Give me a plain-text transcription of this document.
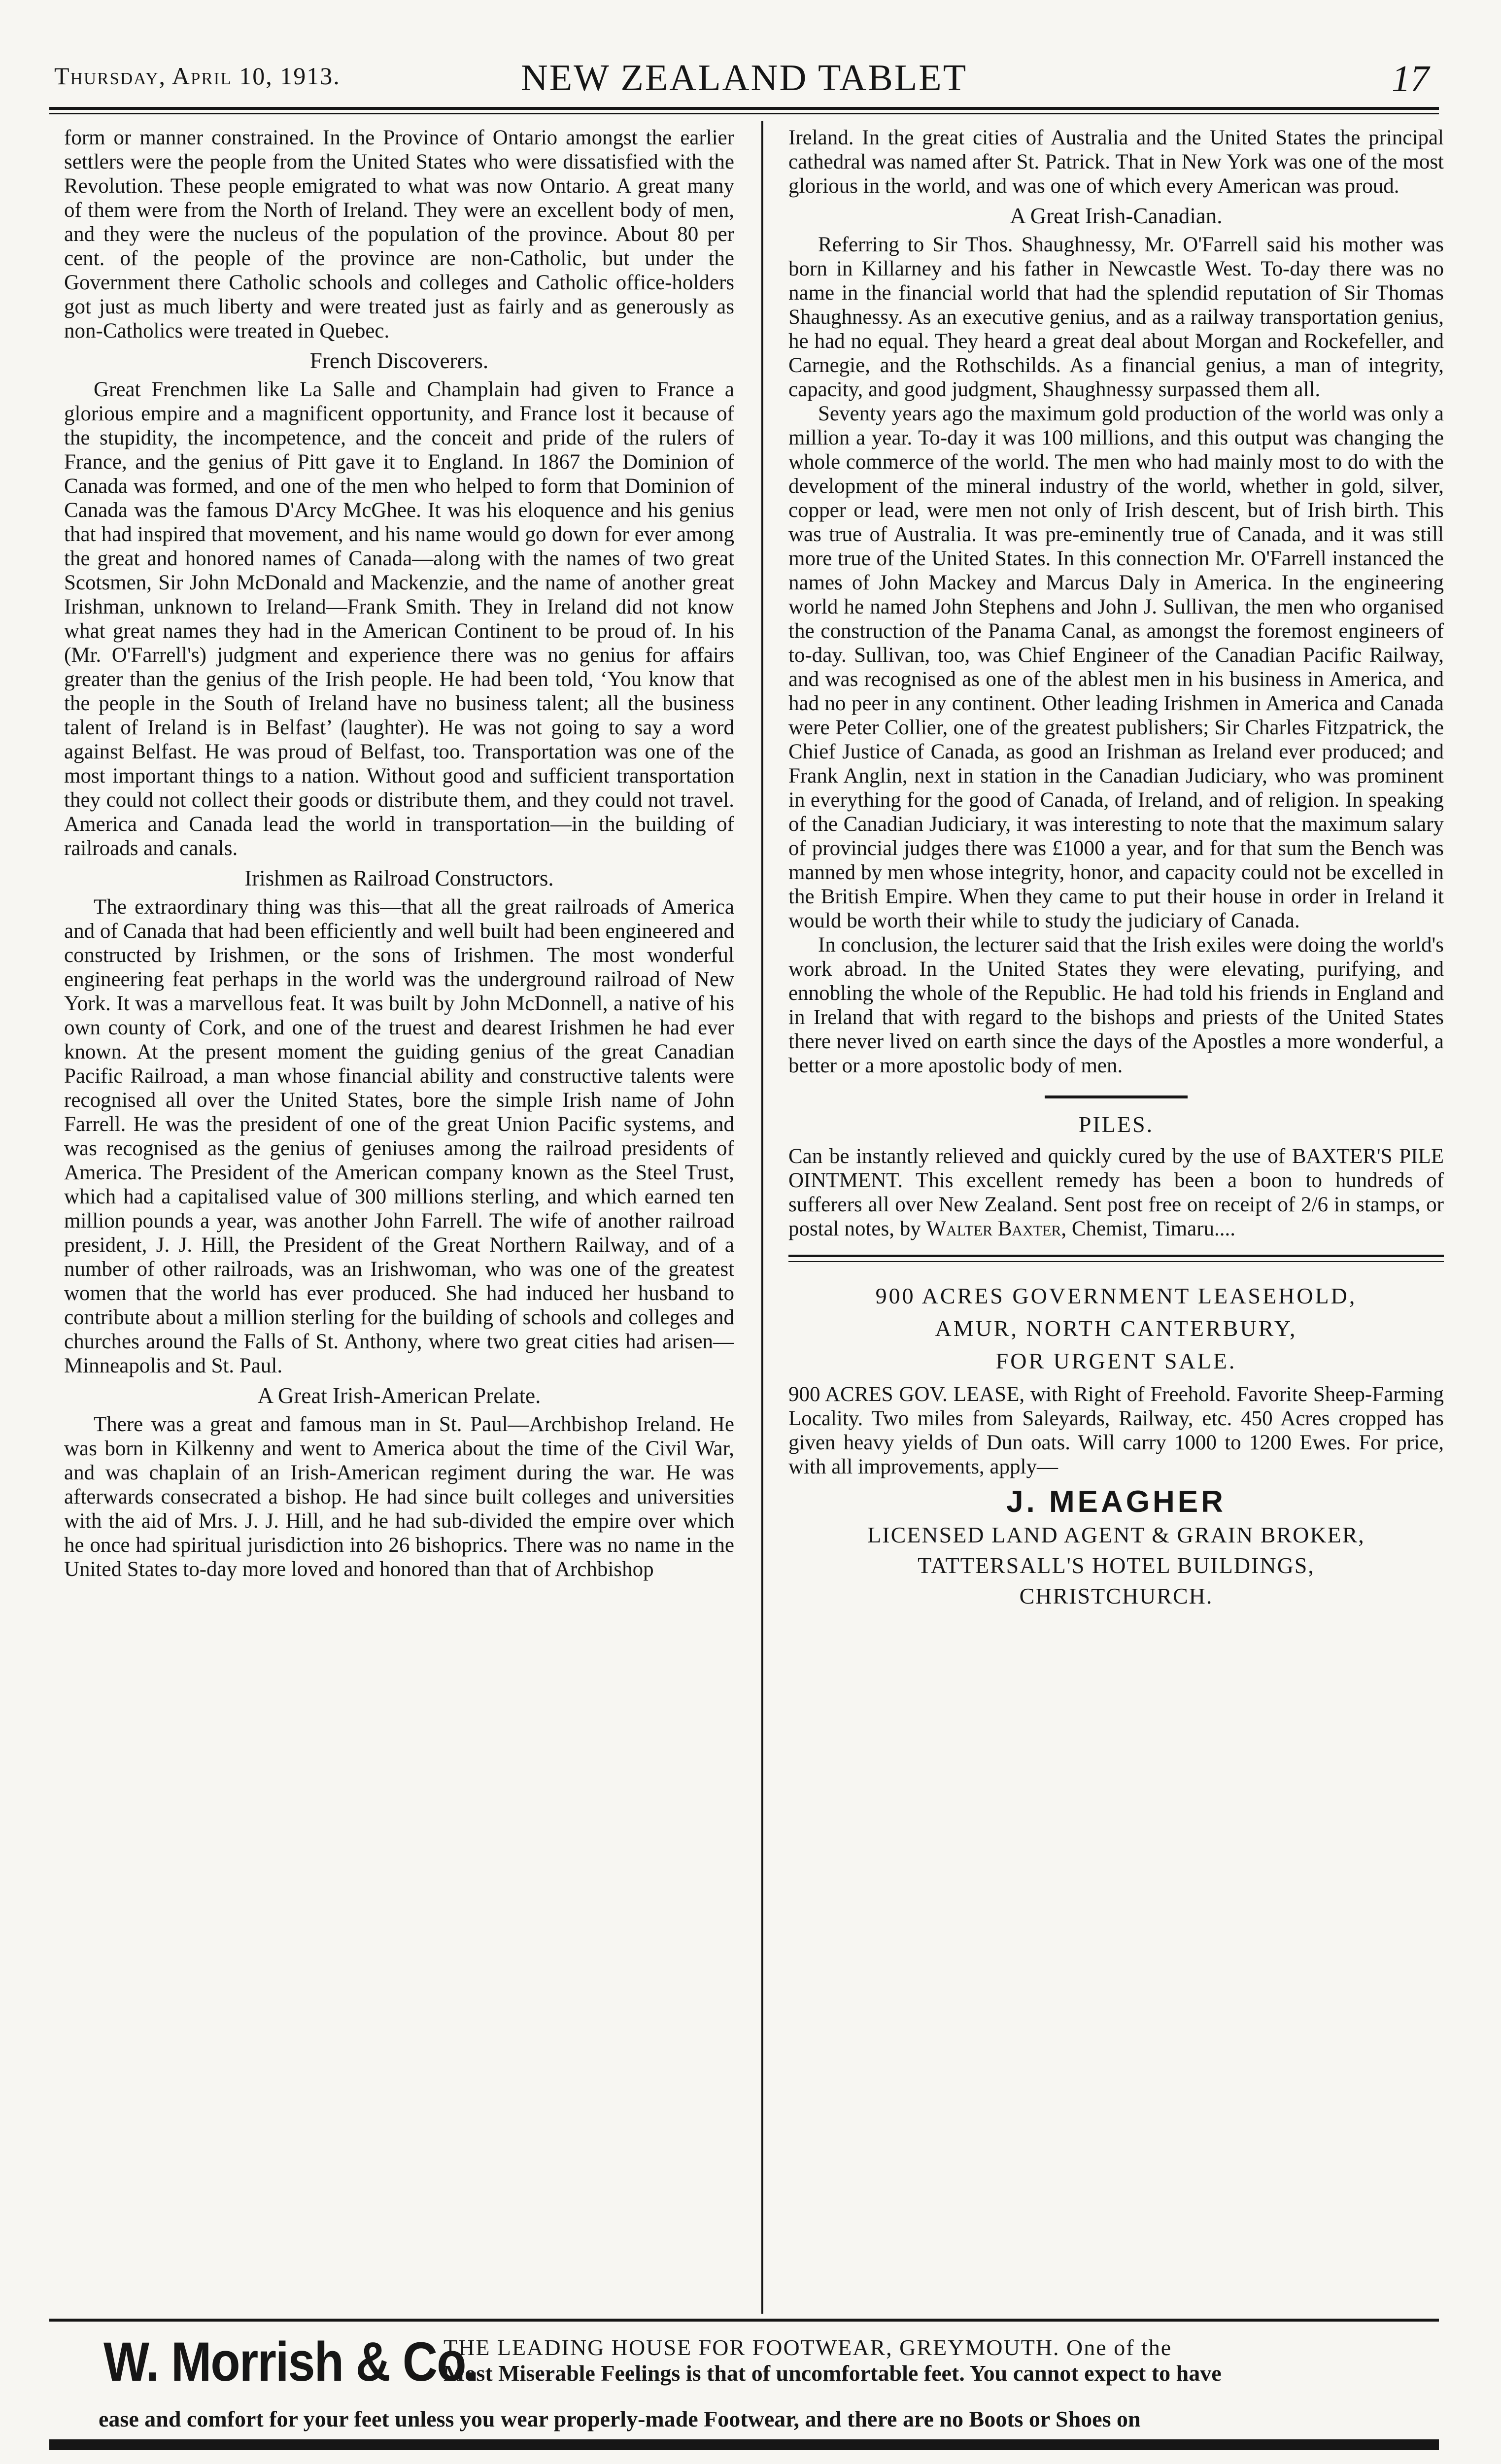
Thursday, April 10, 1913.	NEW ZEALAND TABLET	17

form or manner constrained. In the Province of Ontario amongst the earlier settlers were the people from the United States who were dissatisfied with the Revolution. These people emigrated to what was now Ontario. A great many of them were from the North of Ireland. They were an excellent body of men, and they were the nucleus of the population of the province. About 80 per cent. of the people of the province are non-Catholic, but under the Government there Catholic schools and colleges and Catholic office-holders got just as much liberty and were treated just as fairly and as generously as non-Catholics were treated in Quebec.

French Discoverers.

Great Frenchmen like La Salle and Champlain had given to France a glorious empire and a magnificent opportunity, and France lost it because of the stupidity, the incompetence, and the conceit and pride of the rulers of France, and the genius of Pitt gave it to England. In 1867 the Dominion of Canada was formed, and one of the men who helped to form that Dominion of Canada was the famous D'Arcy McGhee. It was his eloquence and his genius that had inspired that movement, and his name would go down for ever among the great and honored names of Canada—along with the names of two great Scotsmen, Sir John McDonald and Mackenzie, and the name of another great Irishman, unknown to Ireland—Frank Smith. They in Ireland did not know what great names they had in the American Continent to be proud of. In his (Mr. O'Farrell's) judgment and experience there was no genius for affairs greater than the genius of the Irish people. He had been told, ‘You know that the people in the South of Ireland have no business talent; all the business talent of Ireland is in Belfast’ (laughter). He was not going to say a word against Belfast. He was proud of Belfast, too. Transportation was one of the most important things to a nation. Without good and sufficient transportation they could not collect their goods or distribute them, and they could not travel. America and Canada lead the world in transportation—in the building of railroads and canals.

Irishmen as Railroad Constructors.

The extraordinary thing was this—that all the great railroads of America and of Canada that had been efficiently and well built had been engineered and constructed by Irishmen, or the sons of Irishmen. The most wonderful engineering feat perhaps in the world was the underground railroad of New York. It was a marvellous feat. It was built by John McDonnell, a native of his own county of Cork, and one of the truest and dearest Irishmen he had ever known. At the present moment the guiding genius of the great Canadian Pacific Railroad, a man whose financial ability and constructive talents were recognised all over the United States, bore the simple Irish name of John Farrell. He was the president of one of the great Union Pacific systems, and was recognised as the genius of geniuses among the railroad presidents of America. The President of the American company known as the Steel Trust, which had a capitalised value of 300 millions sterling, and which earned ten million pounds a year, was another John Farrell. The wife of another railroad president, J. J. Hill, the President of the Great Northern Railway, and of a number of other railroads, was an Irishwoman, who was one of the greatest women that the world has ever produced. She had induced her husband to contribute about a million sterling for the building of schools and colleges and churches around the Falls of St. Anthony, where two great cities had arisen—Minneapolis and St. Paul.

A Great Irish-American Prelate.

There was a great and famous man in St. Paul—Archbishop Ireland. He was born in Kilkenny and went to America about the time of the Civil War, and was chaplain of an Irish-American regiment during the war. He was afterwards consecrated a bishop. He had since built colleges and universities with the aid of Mrs. J. J. Hill, and he had sub-divided the empire over which he once had spiritual jurisdiction into 26 bishoprics. There was no name in the United States to-day more loved and honored than that of Archbishop

Ireland. In the great cities of Australia and the United States the principal cathedral was named after St. Patrick. That in New York was one of the most glorious in the world, and was one of which every American was proud.

A Great Irish-Canadian.

Referring to Sir Thos. Shaughnessy, Mr. O'Farrell said his mother was born in Killarney and his father in Newcastle West. To-day there was no name in the financial world that had the splendid reputation of Sir Thomas Shaughnessy. As an executive genius, and as a railway transportation genius, he had no equal. They heard a great deal about Morgan and Rockefeller, and Carnegie, and the Rothschilds. As a financial genius, a man of integrity, capacity, and good judgment, Shaughnessy surpassed them all.

Seventy years ago the maximum gold production of the world was only a million a year. To-day it was 100 millions, and this output was changing the whole commerce of the world. The men who had mainly most to do with the development of the mineral industry of the world, whether in gold, silver, copper or lead, were men not only of Irish descent, but of Irish birth. This was true of Australia. It was pre-eminently true of Canada, and it was still more true of the United States. In this connection Mr. O'Farrell instanced the names of John Mackey and Marcus Daly in America. In the engineering world he named John Stephens and John J. Sullivan, the men who organised the construction of the Panama Canal, as amongst the foremost engineers of to-day. Sullivan, too, was Chief Engineer of the Canadian Pacific Railway, and was recognised as one of the ablest men in his business in America, and had no peer in any continent. Other leading Irishmen in America and Canada were Peter Collier, one of the greatest publishers; Sir Charles Fitzpatrick, the Chief Justice of Canada, as good an Irishman as Ireland ever produced; and Frank Anglin, next in station in the Canadian Judiciary, who was prominent in everything for the good of Canada, of Ireland, and of religion. In speaking of the Canadian Judiciary, it was interesting to note that the maximum salary of provincial judges there was £1000 a year, and for that sum the Bench was manned by men whose integrity, honor, and capacity could not be excelled in the British Empire. When they came to put their house in order in Ireland it would be worth their while to study the judiciary of Canada.

In conclusion, the lecturer said that the Irish exiles were doing the world's work abroad. In the United States they were elevating, purifying, and ennobling the whole of the Republic. He had told his friends in England and in Ireland that with regard to the bishops and priests of the United States there never lived on earth since the days of the Apostles a more wonderful, a better or a more apostolic body of men.

PILES.

Can be instantly relieved and quickly cured by the use of BAXTER'S PILE OINTMENT. This excellent remedy has been a boon to hundreds of sufferers all over New Zealand. Sent post free on receipt of 2/6 in stamps, or postal notes, by Walter Baxter, Chemist, Timaru....

900 ACRES GOVERNMENT LEASEHOLD,
AMUR, NORTH CANTERBURY,
FOR URGENT SALE.

900 ACRES GOV. LEASE, with Right of Freehold. Favorite Sheep-Farming Locality. Two miles from Saleyards, Railway, etc. 450 Acres cropped has given heavy yields of Dun oats. Will carry 1000 to 1200 Ewes. For price, with all improvements, apply—

J. MEAGHER
LICENSED LAND AGENT & GRAIN BROKER,
TATTERSALL'S HOTEL BUILDINGS,
CHRISTCHURCH.
W. Morrish & Co.
THE LEADING HOUSE FOR FOOTWEAR, GREYMOUTH. One of the
Most Miserable Feelings is that of uncomfortable feet. You cannot expect to have
ease and comfort for your feet unless you wear properly-made Footwear, and there are no Boots or Shoes on
